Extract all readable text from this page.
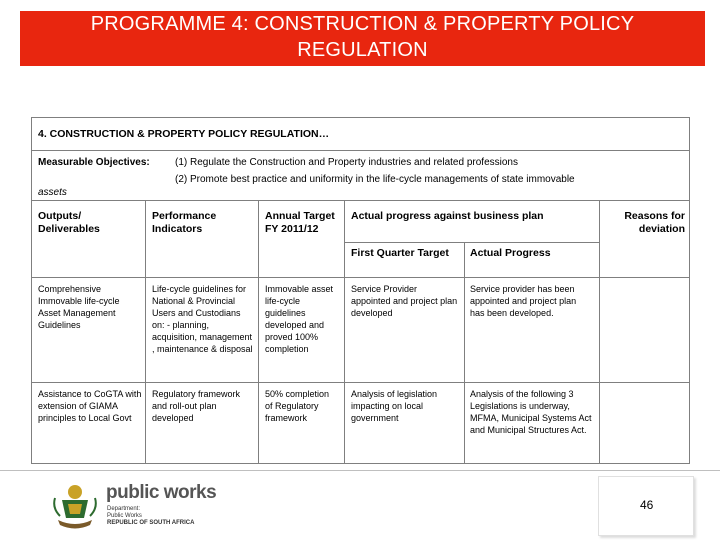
PROGRAMME 4: CONSTRUCTION & PROPERTY POLICY
REGULATION
4. CONSTRUCTION & PROPERTY POLICY REGULATION…
Measurable Objectives:	(1) Regulate the Construction and Property industries and related professions
(2) Promote best practice and uniformity in the life-cycle managements of state immovable
assets
Outputs/ Deliverables
Performance Indicators
Annual Target FY 2011/12
Actual progress against business plan
First Quarter Target	Actual Progress
Reasons for deviation
Comprehensive Immovable life-cycle Asset Management Guidelines
Life-cycle guidelines for National & Provincial Users and Custodians on: - planning, acquisition, management , maintenance & disposal
Immovable asset life-cycle guidelines developed and proved 100% completion
Service Provider appointed and project plan developed
Service provider has been appointed and project plan has been developed.
Assistance to CoGTA with extension of GIAMA principles to Local Govt
Regulatory framework and roll-out plan developed
50% completion of Regulatory framework
Analysis of legislation impacting on local government
Analysis of the following 3 Legislations is underway, MFMA, Municipal Systems Act and Municipal Structures Act.
public works
Department:
Public Works
REPUBLIC OF SOUTH AFRICA
46
